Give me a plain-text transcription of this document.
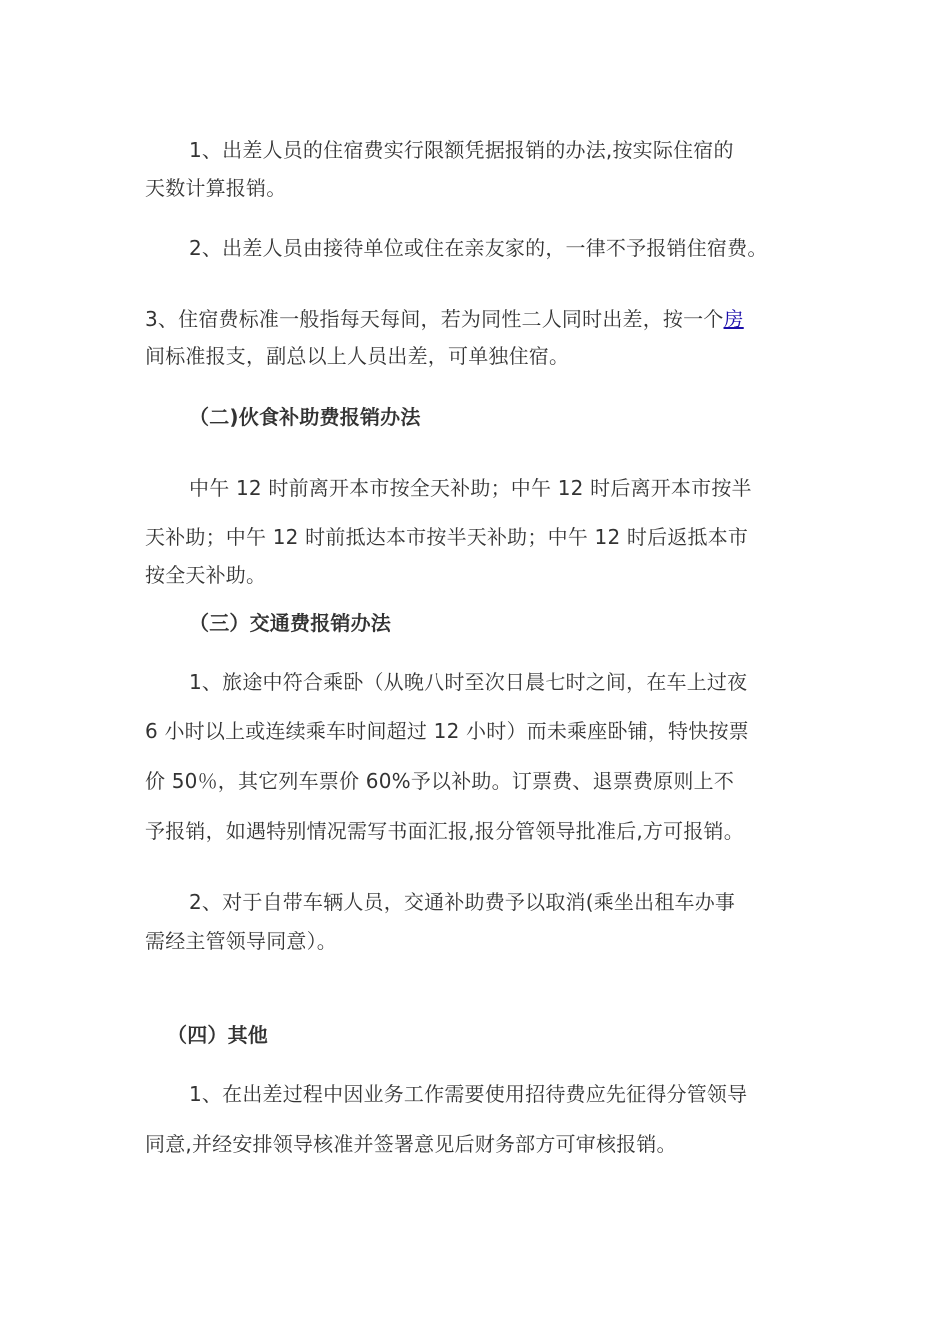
1、出差人员的住宿费实行限额凭据报销的办法,按实际住宿的
天数计算报销。
2、出差人员由接待单位或住在亲友家的，一律不予报销住宿费。
3、住宿费标准一般指每天每间，若为同性二人同时出差，按一个房
间标准报支，副总以上人员出差，可单独住宿。
（二)伙食补助费报销办法
中午 12 时前离开本市按全天补助；中午 12 时后离开本市按半
天补助；中午 12 时前抵达本市按半天补助；中午 12 时后返抵本市
按全天补助。
（三）交通费报销办法
1、旅途中符合乘卧（从晚八时至次日晨七时之间，在车上过夜
6 小时以上或连续乘车时间超过 12 小时）而未乘座卧铺，特快按票
价 50％，其它列车票价 60%予以补助。订票费、退票费原则上不
予报销，如遇特别情况需写书面汇报,报分管领导批准后,方可报销。
2、对于自带车辆人员，交通补助费予以取消(乘坐出租车办事
需经主管领导同意）。
（四）其他
1、在出差过程中因业务工作需要使用招待费应先征得分管领导
同意,并经安排领导核准并签署意见后财务部方可审核报销。
